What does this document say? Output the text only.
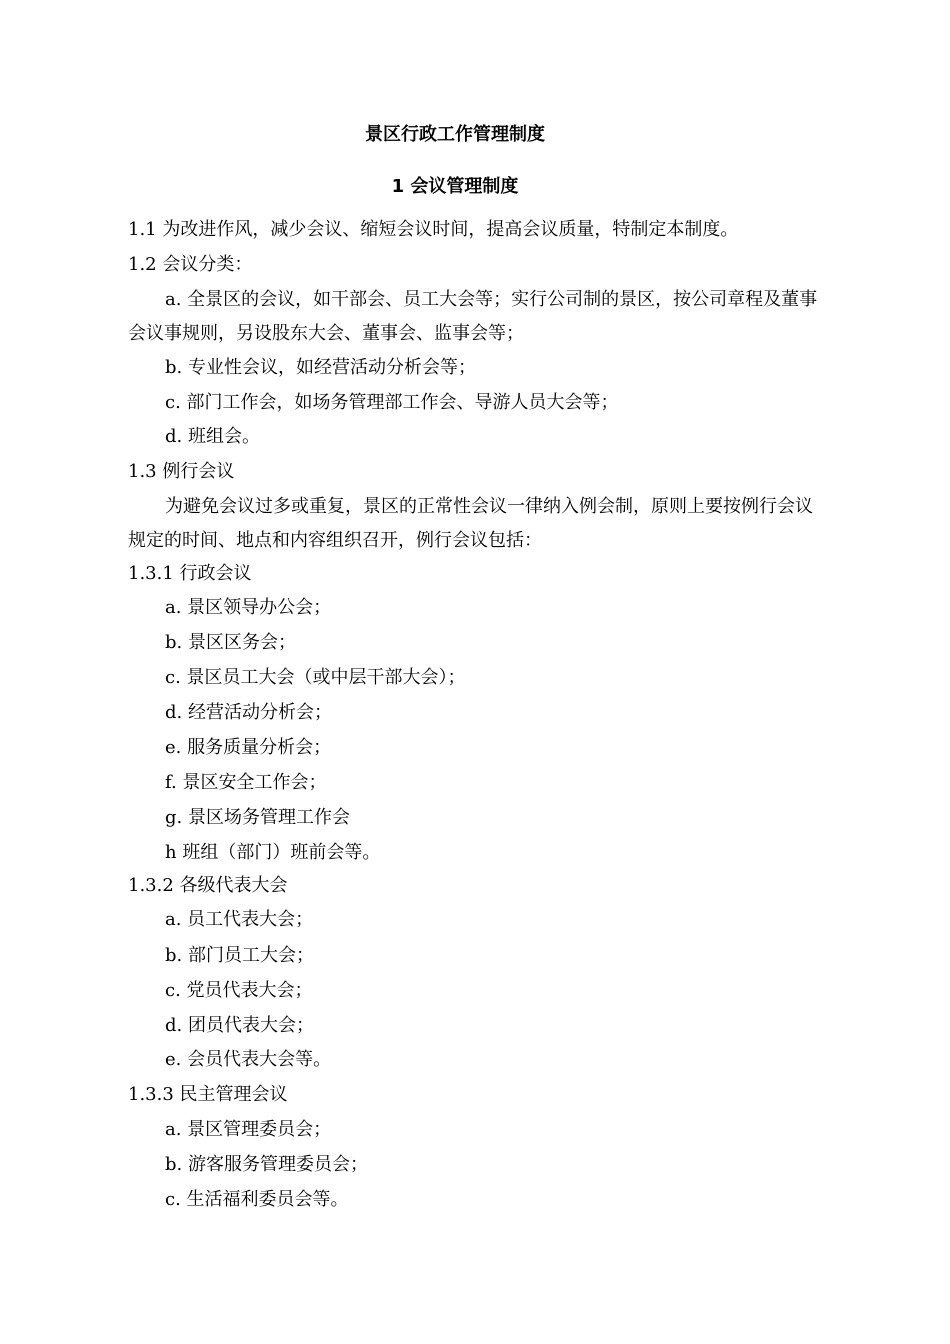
景区行政工作管理制度
1 会议管理制度
1.1 为改进作风，减少会议、缩短会议时间，提高会议质量，特制定本制度。
1.2 会议分类：
a. 全景区的会议，如干部会、员工大会等；实行公司制的景区，按公司章程及董事
会议事规则，另设股东大会、董事会、监事会等；
b. 专业性会议，如经营活动分析会等；
c. 部门工作会，如场务管理部工作会、导游人员大会等；
d. 班组会。
1.3 例行会议
为避免会议过多或重复，景区的正常性会议一律纳入例会制，原则上要按例行会议
规定的时间、地点和内容组织召开，例行会议包括：
1.3.1 行政会议
a. 景区领导办公会；
b. 景区区务会；
c. 景区员工大会（或中层干部大会）；
d. 经营活动分析会；
e. 服务质量分析会；
f. 景区安全工作会；
g. 景区场务管理工作会
h 班组（部门）班前会等。
1.3.2 各级代表大会
a. 员工代表大会；
b. 部门员工大会；
c. 党员代表大会；
d. 团员代表大会；
e. 会员代表大会等。
1.3.3 民主管理会议
a. 景区管理委员会；
b. 游客服务管理委员会；
c. 生活福利委员会等。
